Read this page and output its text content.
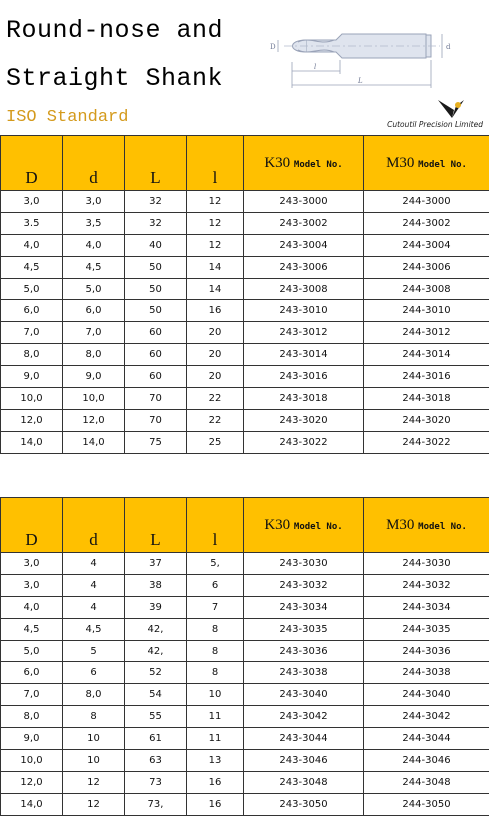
Round-nose and
Straight Shank
ISO Standard
D	d
l
L
Cutoutil Precision Limited
D	d	L	l	K30 Model No.	M30 Model No.
3,0	3,0	32	12	243-3000	244-3000
3.5	3,5	32	12	243-3002	244-3002
4,0	4,0	40	12	243-3004	244-3004
4,5	4,5	50	14	243-3006	244-3006
5,0	5,0	50	14	243-3008	244-3008
6,0	6,0	50	16	243-3010	244-3010
7,0	7,0	60	20	243-3012	244-3012
8,0	8,0	60	20	243-3014	244-3014
9,0	9,0	60	20	243-3016	244-3016
10,0	10,0	70	22	243-3018	244-3018
12,0	12,0	70	22	243-3020	244-3020
14,0	14,0	75	25	243-3022	244-3022
D	d	L	l	K30 Model No.	M30 Model No.
3,0	4	37	5,	243-3030	244-3030
3,0	4	38	6	243-3032	244-3032
4,0	4	39	7	243-3034	244-3034
4,5	4,5	42,	8	243-3035	244-3035
5,0	5	42,	8	243-3036	244-3036
6,0	6	52	8	243-3038	244-3038
7,0	8,0	54	10	243-3040	244-3040
8,0	8	55	11	243-3042	244-3042
9,0	10	61	11	243-3044	244-3044
10,0	10	63	13	243-3046	244-3046
12,0	12	73	16	243-3048	244-3048
14,0	12	73,	16	243-3050	244-3050
